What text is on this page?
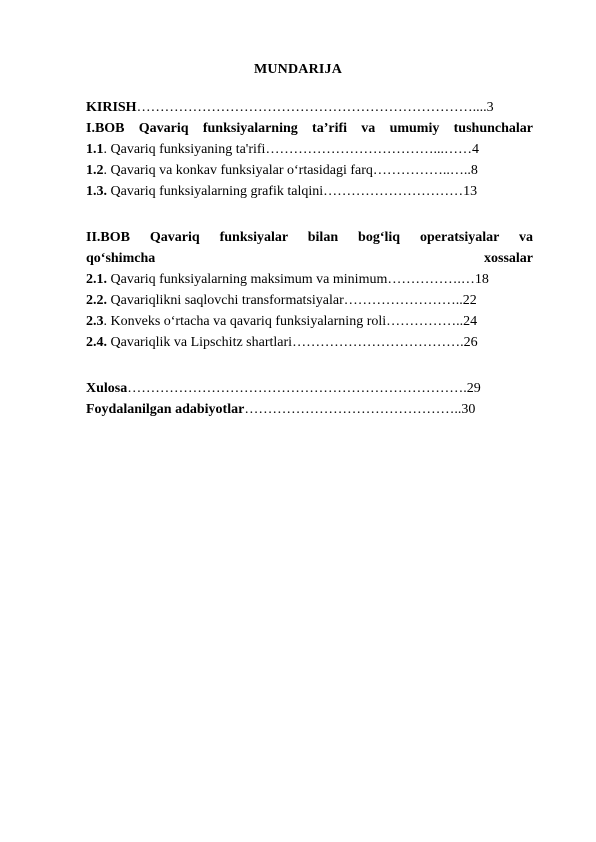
MUNDARIJA
KIRISH………………………………………………………………....3
I.BOB Qavariq funksiyalarning ta’rifi va umumiy tushunchalar
1.1. Qavariq funksiyaning ta'rifi………………………………...……4
1.2. Qavariq va konkav funksiyalar o‘rtasidagi farq……………..…..8
1.3. Qavariq funksiyalarning grafik talqini…………………………13
II.BOB Qavariq funksiyalar bilan bog‘liq operatsiyalar va
qo‘shimcha	xossalar
2.1. Qavariq funksiyalarning maksimum va minimum…………….…18
2.2. Qavariqlikni saqlovchi transformatsiyalar……………………..22
2.3. Konveks o‘rtacha va qavariq funksiyalarning roli……………..24
2.4. Qavariqlik va Lipschitz shartlari……………………………….26
Xulosa……………………………………………………………….29
Foydalanilgan adabiyotlar………………………………………..30
